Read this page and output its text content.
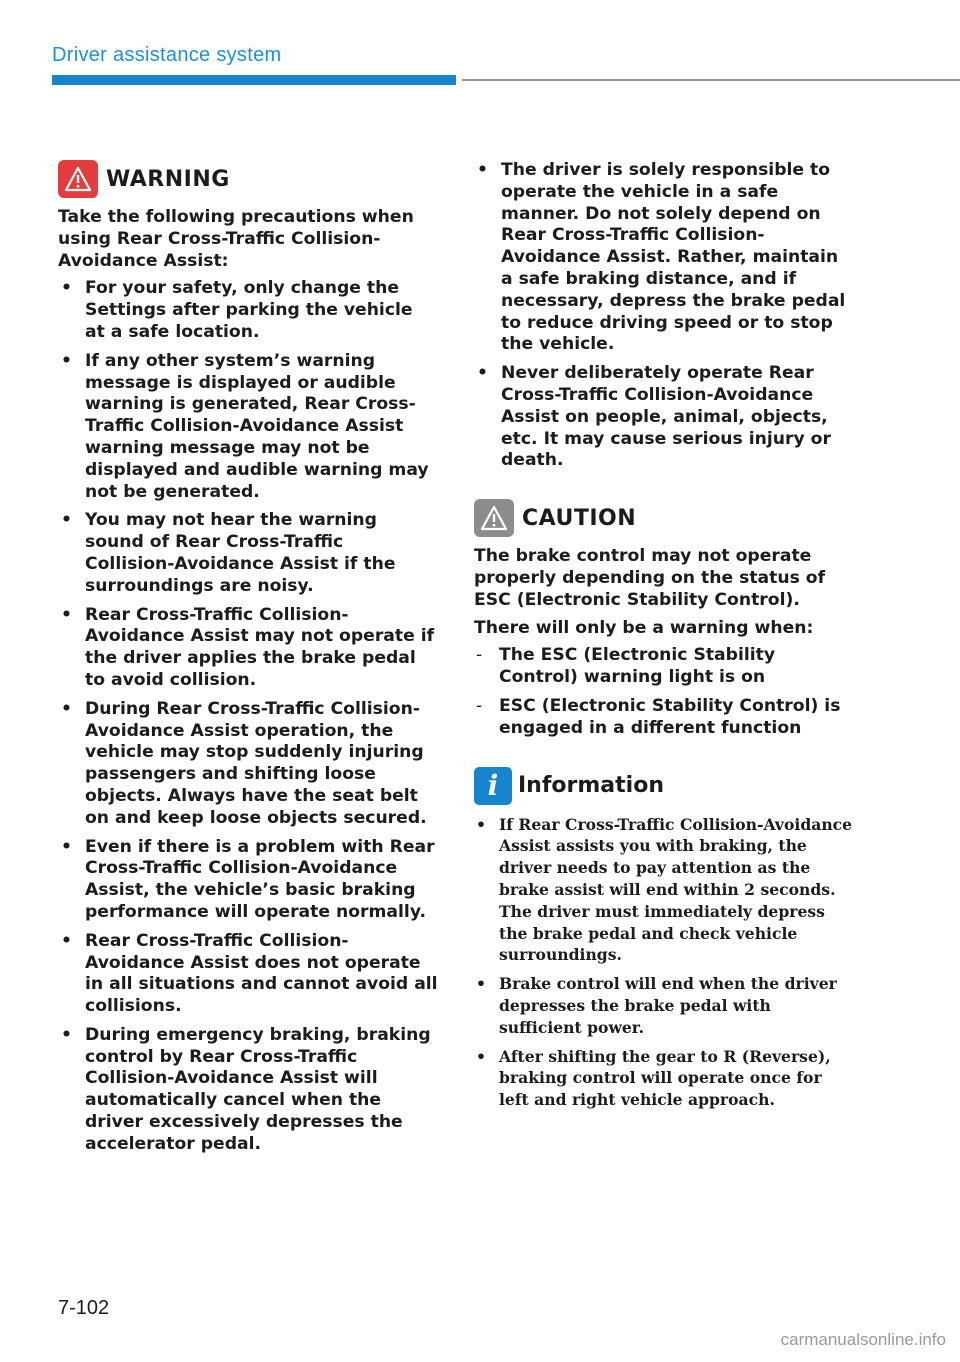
Driver assistance system
WARNING

Take the following precautions when using Rear Cross-Traffic Collision-Avoidance Assist:

• For your safety, only change the Settings after parking the vehicle at a safe location.
• If any other system’s warning message is displayed or audible warning is generated, Rear Cross-Traffic Collision-Avoidance Assist warning message may not be displayed and audible warning may not be generated.
• You may not hear the warning sound of Rear Cross-Traffic Collision-Avoidance Assist if the surroundings are noisy.
• Rear Cross-Traffic Collision-Avoidance Assist may not operate if the driver applies the brake pedal to avoid collision.
• During Rear Cross-Traffic Collision-Avoidance Assist operation, the vehicle may stop suddenly injuring passengers and shifting loose objects. Always have the seat belt on and keep loose objects secured.
• Even if there is a problem with Rear Cross-Traffic Collision-Avoidance Assist, the vehicle’s basic braking performance will operate normally.
• Rear Cross-Traffic Collision-Avoidance Assist does not operate in all situations and cannot avoid all collisions.
• During emergency braking, braking control by Rear Cross-Traffic Collision-Avoidance Assist will automatically cancel when the driver excessively depresses the accelerator pedal.
• The driver is solely responsible to operate the vehicle in a safe manner. Do not solely depend on Rear Cross-Traffic Collision-Avoidance Assist. Rather, maintain a safe braking distance, and if necessary, depress the brake pedal to reduce driving speed or to stop the vehicle.
• Never deliberately operate Rear Cross-Traffic Collision-Avoidance Assist on people, animal, objects, etc. It may cause serious injury or death.
CAUTION

The brake control may not operate properly depending on the status of ESC (Electronic Stability Control).

There will only be a warning when:

- The ESC (Electronic Stability Control) warning light is on
- ESC (Electronic Stability Control) is engaged in a different function
i Information
• If Rear Cross-Traffic Collision-Avoidance Assist assists you with braking, the driver needs to pay attention as the brake assist will end within 2 seconds. The driver must immediately depress the brake pedal and check vehicle surroundings.
• Brake control will end when the driver depresses the brake pedal with sufficient power.
• After shifting the gear to R (Reverse), braking control will operate once for left and right vehicle approach.
7-102
carmanualsonline.info
